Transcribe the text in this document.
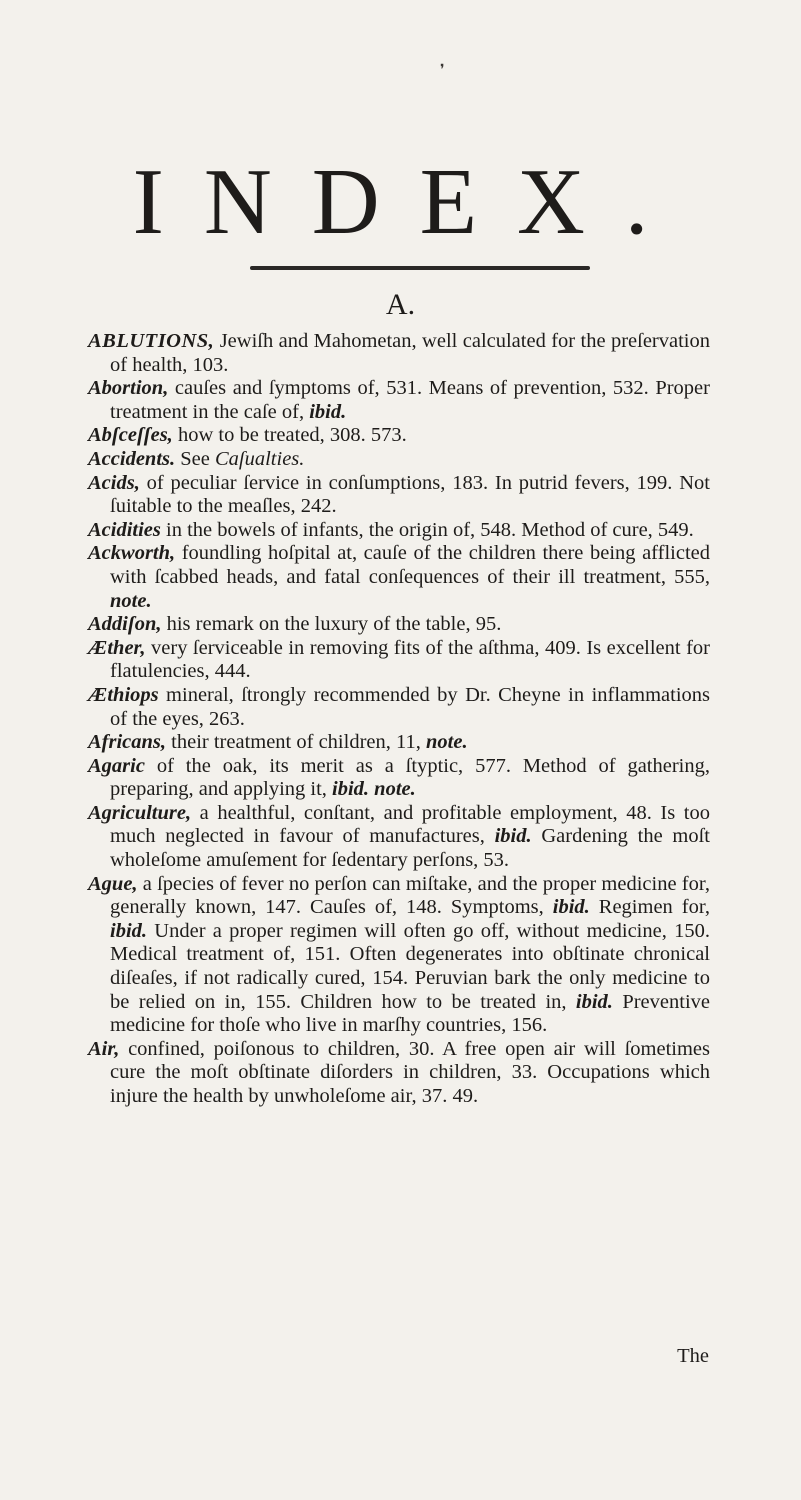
❜
INDEX.
A.

ABLUTIONS, Jewiſh and Mahometan, well calculated for the preſervation of health, 103.

Abortion, cauſes and ſymptoms of, 531. Means of prevention, 532. Proper treatment in the caſe of, ibid.

Abſceſſes, how to be treated, 308. 573.

Accidents. See Caſualties.

Acids, of peculiar ſervice in conſumptions, 183. In putrid fevers, 199. Not ſuitable to the meaſles, 242.

Acidities in the bowels of infants, the origin of, 548. Method of cure, 549.

Ackworth, foundling hoſpital at, cauſe of the children there being afflicted with ſcabbed heads, and fatal conſequences of their ill treatment, 555, note.

Addiſon, his remark on the luxury of the table, 95.

Æther, very ſerviceable in removing fits of the aſthma, 409. Is excellent for flatulencies, 444.

Æthiops mineral, ſtrongly recommended by Dr. Cheyne in inflammations of the eyes, 263.

Africans, their treatment of children, 11, note.

Agaric of the oak, its merit as a ſtyptic, 577. Method of gathering, preparing, and applying it, ibid. note.

Agriculture, a healthful, conſtant, and profitable employment, 48. Is too much neglected in favour of manufactures, ibid. Gardening the moſt wholeſome amuſement for ſedentary perſons, 53.

Ague, a ſpecies of fever no perſon can miſtake, and the proper medicine for, generally known, 147. Cauſes of, 148. Symptoms, ibid. Regimen for, ibid. Under a proper regimen will often go off, without medicine, 150. Medical treatment of, 151. Often degenerates into obſtinate chronical diſeaſes, if not radically cured, 154. Peruvian bark the only medicine to be relied on in, 155. Children how to be treated in, ibid. Preventive medicine for thoſe who live in marſhy countries, 156.

Air, confined, poiſonous to children, 30. A free open air will ſometimes cure the moſt obſtinate diſorders in children, 33. Occupations which injure the health by unwholeſome air, 37. 49.

The
